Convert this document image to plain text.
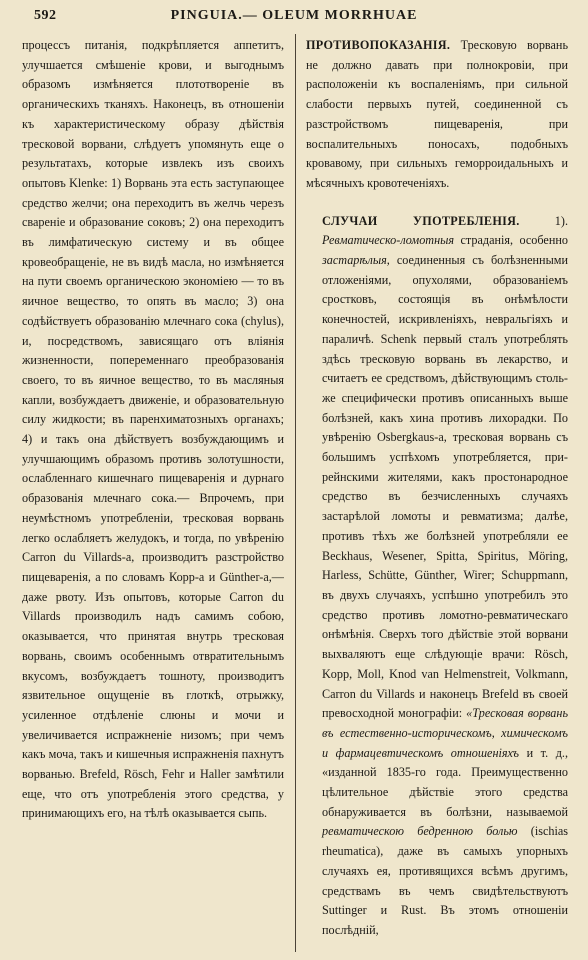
592	PINGUIA.— OLEUM MORRHUAE

процессъ питанія, подкрѣпляется аппетитъ, улучшается смѣшеніе крови, и выгоднымъ образомъ измѣняется плототвореніе въ органическихъ тканяхъ. Наконецъ, въ отношеніи къ характеристическому образу дѣйствія тресковой ворвани, слѣдуетъ упомянуть еще о результатахъ, которые извлекъ изъ своихъ опытовъ Klenke: 1) Ворвань эта есть заступающее средство желчи; она переходитъ въ желчь черезъ свареніе и образование соковъ; 2) она переходитъ въ лимфатическую систему и въ общее кровеобращеніе, не въ видѣ масла, но измѣняется на пути своемъ органическою экономіею — то въ яичное вещество, то опять въ масло; 3) она содѣйствуетъ образованію млечнаго сока (chylus), и, посредствомъ, зависящаго отъ влiянія жизненности, попеременнаго преобразованія своего, то въ яичное вещество, то въ масляныя капли, возбуждаетъ движеніе, и образовательную силу жидкости; въ паренхиматозныхъ органахъ; 4) и такъ она дѣйствуетъ возбуждающимъ и улучшающимъ образомъ противъ золотушности, ослабленнаго кишечнаго пищеваренія и дурнаго образованія млечнаго сока.— Впрочемъ, при неумѣстномъ употребленіи, тресковая ворвань легко ослабляетъ желудокъ, и тогда, по увѣренію Carron du Villards-а, производитъ разстройство пищеваренія, а по словамъ Корр-а и Günther-а,—даже рвоту. Изъ опытовъ, которые Carron du Villards производилъ надъ самимъ собою, оказывается, что принятая внутрь тресковая ворвань, своимъ особеннымъ отвратительнымъ вкусомъ, возбуждаетъ тошноту, производитъ язвительное ощущеніе въ глоткѣ, отрыжку, усиленное отдѣленіе слюны и мочи и увеличивается испражненіе низомъ; при чемъ какъ моча, такъ и кишечныя испражненія пахнутъ ворванью. Brefeld, Rösch, Fehr и Haller замѣтили еще, что отъ употребленія этого средства, у принимающихъ его, на тѣлѣ оказывается сыпь.

ПРОТИВОПОКАЗАНІЯ. Тресковую ворвань не должно давать при полнокровіи, при расположеніи къ воспаленіямъ, при сильной слабости первыхъ путей, соединенной съ разстройствомъ пищеваренія, при воспалительныхъ поносахъ, подобныхъ кровавому, при сильныхъ геморроидальныхъ и мѣсячныхъ кровотеченіяхъ.

СЛУЧАИ УПОТРЕБЛЕНІЯ.	1). Ревматическо-ломотныя страданія, особенно застарѣлыя, соединенныя съ болѣзненными отложеніями, опухолями, образованіемъ сростковъ, состоящія въ онѣмѣлости конечностей, искривленіяхъ, невральгіяхъ и параличѣ. Schenk первый сталъ употреблять здѣсь тресковую ворвань въ лекарство, и считаетъ ее средствомъ, дѣйствующимъ столь-же специфически противъ описанныхъ выше болѣзней, какъ хина противъ лихорадки. По увѣренію Osbergkaus-а, тресковая ворвань съ большимъ успѣхомъ употребляется, при-рейнскими жителями, какъ простонародное средство въ безчисленныхъ случаяхъ застарѣлой ломоты и ревматизма; далѣе, противъ тѣхъ же болѣзней употребляли ее Beckhaus, Wesener, Spitta, Spiritus, Möring, Harless, Schütte, Günther, Wirer; Schuppmann, въ двухъ случаяхъ, успѣшно употребилъ это средство противъ ломотно-ревматическаго онѣмѣнія. Сверхъ того дѣйствіе этой ворвани выхваляютъ еще слѣдующіе врачи: Rösch, Kopp, Moll, Knod van Helmenstreit, Volkmann, Carron du Villards и наконецъ Brefeld въ своей превосходной монографіи: «Тресковая ворвань въ естественно-историческомъ, химическомъ и фармацевтическомъ отношеніяхъ и т. д., «изданной 1835-го года. Преимущественно цѣлительное дѣйствіе этого средства обнаруживается въ болѣзни, называемой ревматическою бедренною болью (ischias rheumatica), даже въ самыхъ упорныхъ случаяхъ ея, противящихся всѣмъ другимъ, средствамъ въ чемъ свидѣтельствуютъ Suttinger и Rust. Въ этомъ отношеніи послѣдній,
